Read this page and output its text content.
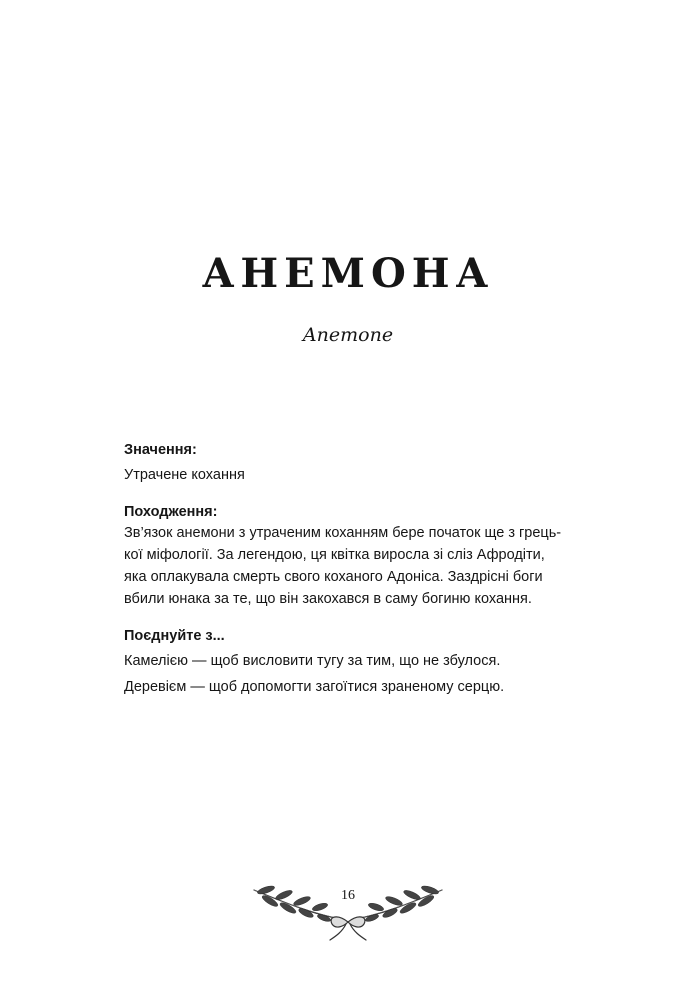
АНЕМОНА
Anemone
Значення:

Утрачене кохання

Походження:

Зв’язок анемони з утраченим коханням бере початок ще з грець-

кої міфології. За легендою, ця квітка виросла зі сліз Афродіти,

яка оплакувала смерть свого коханого Адоніса. Заздрісні боги

вбили юнака за те, що він закохався в саму богиню кохання.

Поєднуйте з...

Камелією — щоб висловити тугу за тим, що не збулося.

Деревієм — щоб допомогти загоїтися зраненому серцю.

16
